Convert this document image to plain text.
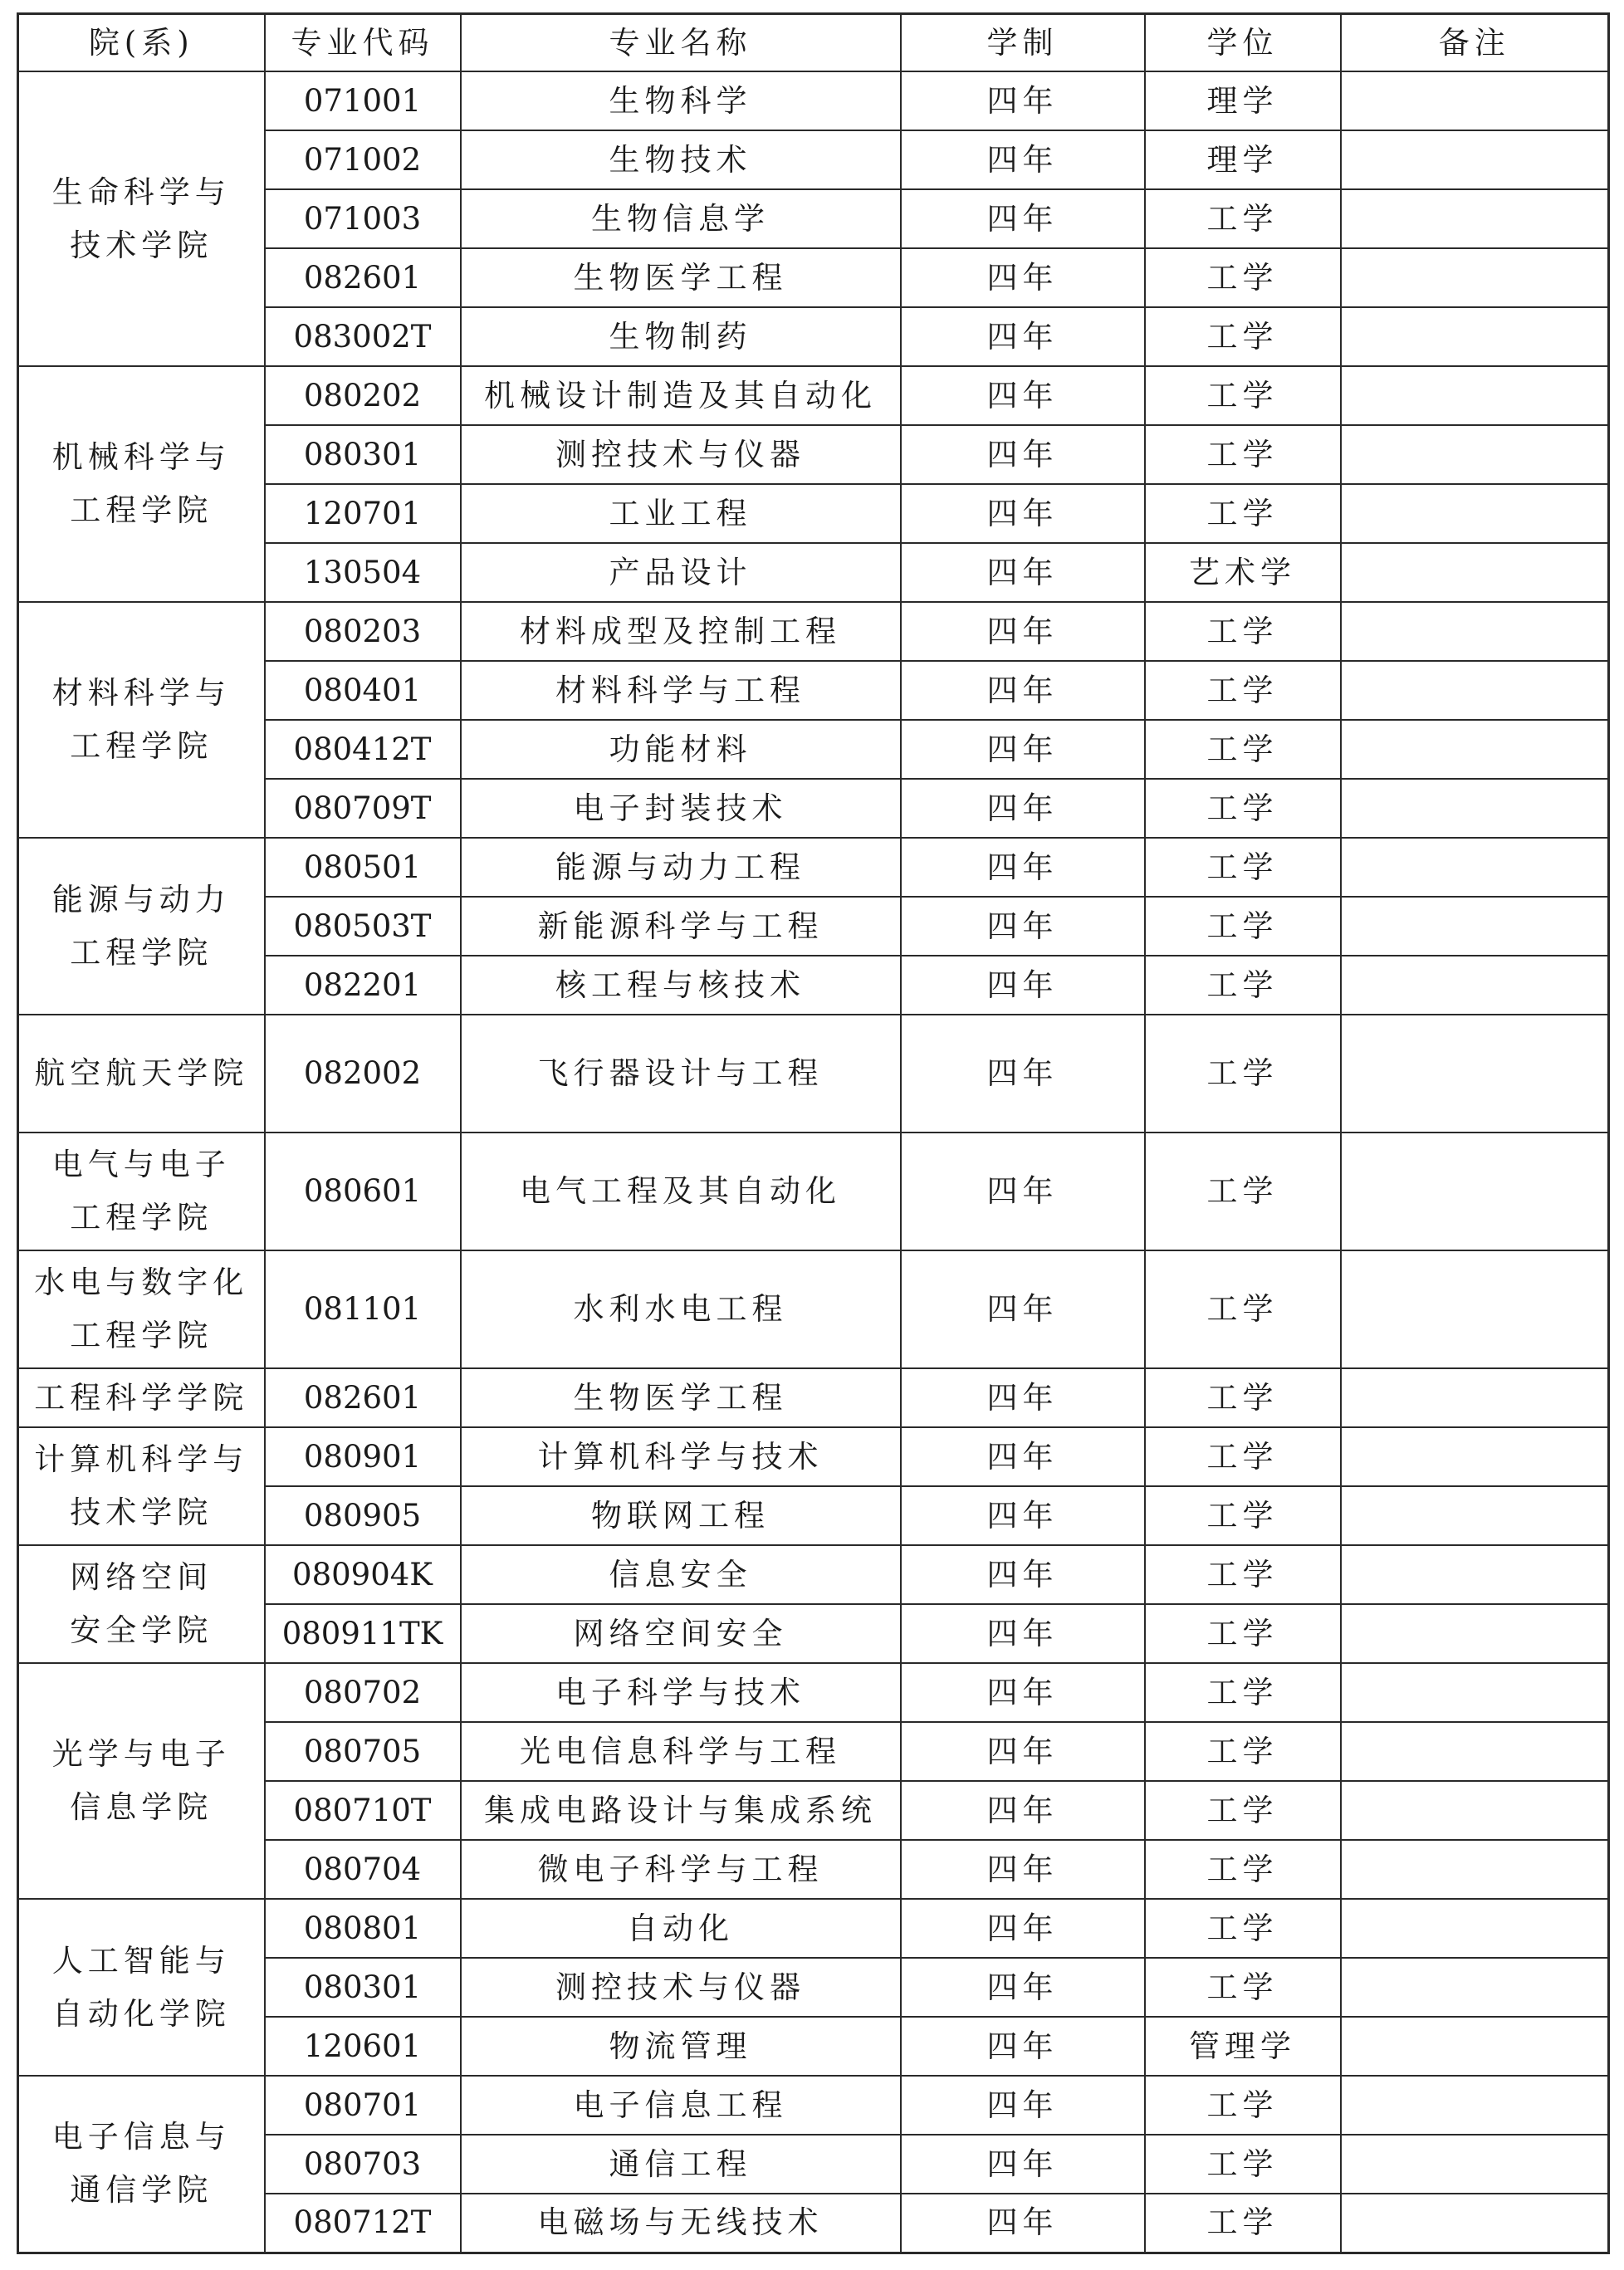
院(系)	专业代码	专业名称	学制	学位	备注

生命科学与
技术学院	071001	生物科学	四年	理学	
	071002	生物技术	四年	理学	
	071003	生物信息学	四年	工学	
	082601	生物医学工程	四年	工学	
	083002T	生物制药	四年	工学	

机械科学与
工程学院	080202	机械设计制造及其自动化	四年	工学	
	080301	测控技术与仪器	四年	工学	
	120701	工业工程	四年	工学	
	130504	产品设计	四年	艺术学	

材料科学与
工程学院	080203	材料成型及控制工程	四年	工学	
	080401	材料科学与工程	四年	工学	
	080412T	功能材料	四年	工学	
	080709T	电子封装技术	四年	工学	

能源与动力
工程学院	080501	能源与动力工程	四年	工学	
	080503T	新能源科学与工程	四年	工学	
	082201	核工程与核技术	四年	工学	

航空航天学院	082002	飞行器设计与工程	四年	工学	

电气与电子
工程学院	080601	电气工程及其自动化	四年	工学	

水电与数字化
工程学院	081101	水利水电工程	四年	工学	

工程科学学院	082601	生物医学工程	四年	工学	

计算机科学与
技术学院	080901	计算机科学与技术	四年	工学	
	080905	物联网工程	四年	工学	

网络空间
安全学院	080904K	信息安全	四年	工学	
	080911TK	网络空间安全	四年	工学	

光学与电子
信息学院	080702	电子科学与技术	四年	工学	
	080705	光电信息科学与工程	四年	工学	
	080710T	集成电路设计与集成系统	四年	工学	
	080704	微电子科学与工程	四年	工学	

人工智能与
自动化学院	080801	自动化	四年	工学	
	080301	测控技术与仪器	四年	工学	
	120601	物流管理	四年	管理学	

电子信息与
通信学院	080701	电子信息工程	四年	工学	
	080703	通信工程	四年	工学	
	080712T	电磁场与无线技术	四年	工学	
